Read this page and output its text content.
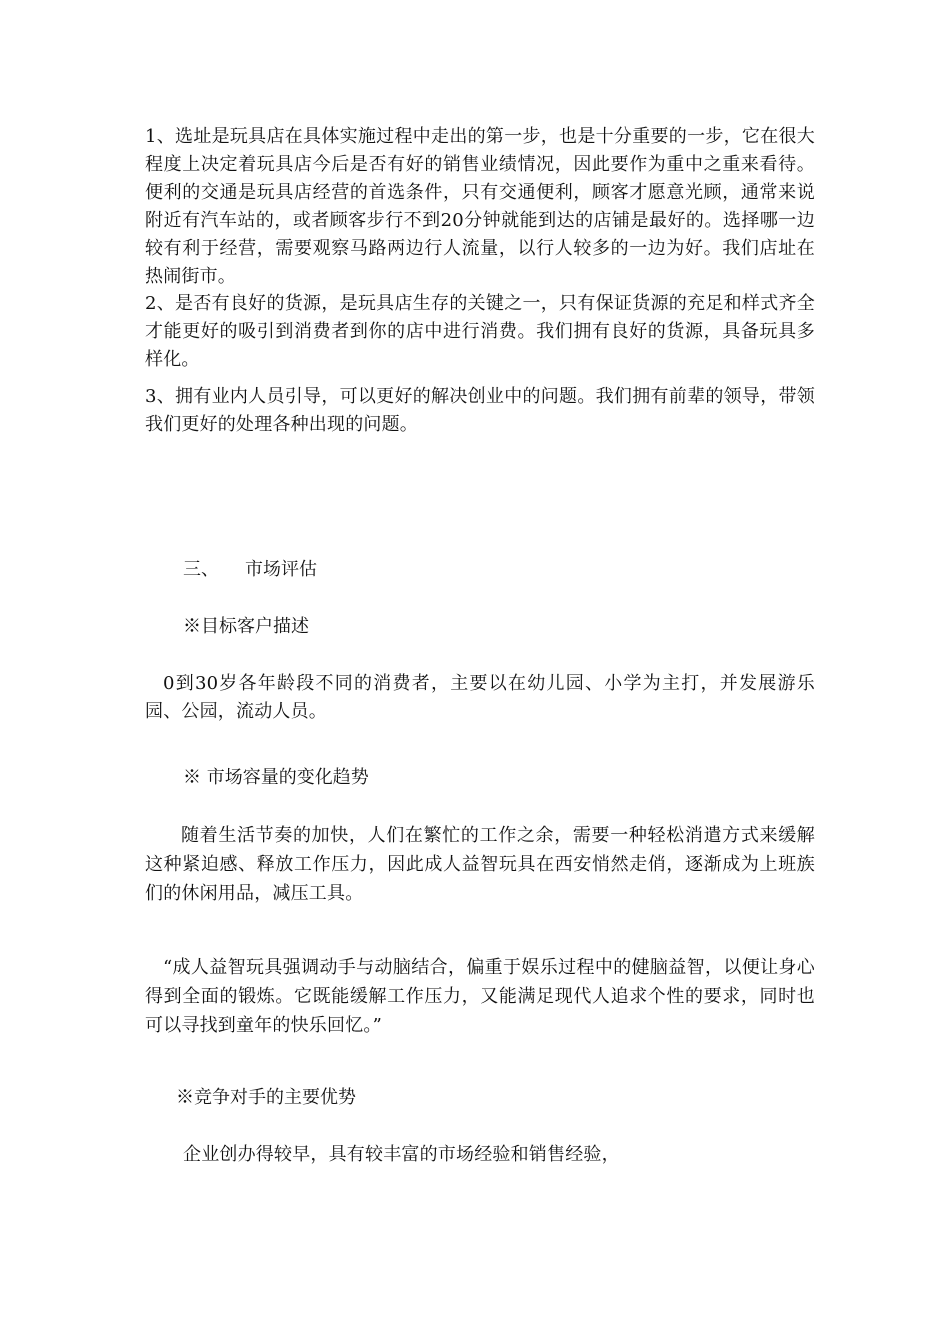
1、选址是玩具店在具体实施过程中走出的第一步，也是十分重要的一步，它在很大程度上决定着玩具店今后是否有好的销售业绩情况，因此要作为重中之重来看待。便利的交通是玩具店经营的首选条件，只有交通便利，顾客才愿意光顾，通常来说附近有汽车站的，或者顾客步行不到20分钟就能到达的店铺是最好的。选择哪一边较有利于经营，需要观察马路两边行人流量，以行人较多的一边为好。我们店址在热闹街市。

2、是否有良好的货源，是玩具店生存的关键之一，只有保证货源的充足和样式齐全才能更好的吸引到消费者到你的店中进行消费。我们拥有良好的货源，具备玩具多样化。

3、拥有业内人员引导，可以更好的解决创业中的问题。我们拥有前辈的领导，带领我们更好的处理各种出现的问题。

三、 市场评估
※目标客户描述

0到30岁各年龄段不同的消费者，主要以在幼儿园、小学为主打，并发展游乐园、公园，流动人员。

※ 市场容量的变化趋势

随着生活节奏的加快，人们在繁忙的工作之余，需要一种轻松消遣方式来缓解这种紧迫感、释放工作压力，因此成人益智玩具在西安悄然走俏，逐渐成为上班族们的休闲用品，减压工具。

“成人益智玩具强调动手与动脑结合，偏重于娱乐过程中的健脑益智，以便让身心得到全面的锻炼。它既能缓解工作压力，又能满足现代人追求个性的要求，同时也可以寻找到童年的快乐回忆。”

※竞争对手的主要优势

企业创办得较早，具有较丰富的市场经验和销售经验，
